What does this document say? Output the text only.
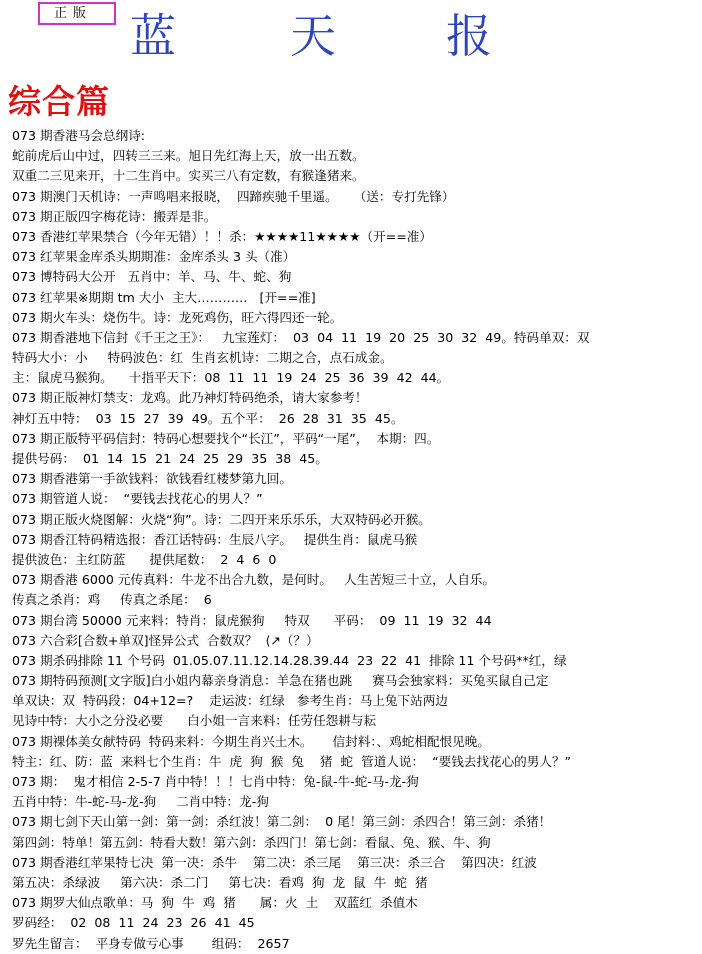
正版 蓝 天 报
综合篇
073 期香港马会总纲诗:
蛇前虎后山中过，四转三三来。旭日先红海上天，放一出五数。
双重二三见来开，十二生肖中。实买三八有定数，有猴逢猪来。
073 期澳门天机诗：一声鸣唱来报晓，  四蹄疾驰千里遥。    （送：专打先锋）
073 期正版四字梅花诗：搬弄是非。
073 香港红苹果禁合（今年无错）！！杀：★★★★11★★★★（开==准）
073 红苹果金库杀头期期准：金库杀头 3 头（准）
073 博特码大公开   五肖中：羊、马、牛、蛇、狗
073 红苹果※期期 tm 大小  主大…………   [开==准]
073 期火车头：烧伤牛。诗：龙死鸡伤，旺六得四还一轮。
073 期香港地下信封《千王之王》：   九宝莲灯：  03  04  11  19  20  25  30  32  49。特码单双：双
特码大小：小     特码波色：红  生肖玄机诗：二期之合，点石成金。
主：鼠虎马猴狗。    十指平天下：08  11  11  19  24  25  36  39  42  44。
073 期正版神灯禁支：龙鸡。此乃神灯特码绝杀，请大家参考！
神灯五中特：  03  15  27  39  49。五个平：  26  28  31  35  45。
073 期正版特平码信封：特码心想要找个“长江”，平码“一尾”，  本期：四。
提供号码：  01  14  15  21  24  25  29  35  38  45。
073 期香港第一手欲钱料：欲钱看红楼梦第九回。
073 期管道人说：  “要钱去找花心的男人？”
073 期正版火烧图解：火烧“狗”。诗：二四开来乐乐乐，大双特码必开猴。
073 期香江特码精选报：香江话特码：生辰八字。   提供生肖：鼠虎马猴
提供波色：主红防蓝      提供尾数：  2  4  6  0
073 期香港 6000 元传真料：牛龙不出合九数，是何时。   人生苦短三十立，人自乐。
传真之杀肖：鸡     传真之杀尾：  6
073 期台湾 50000 元来料：特肖：鼠虎猴狗     特双      平码：  09  11  19  32  44
073 六合彩[合数+单双]怪异公式  合数双？  ⟨↗（？）
073 期杀码排除 11 个号码  01.05.07.11.12.14.28.39.44  23  22  41  排除 11 个号码**红，绿
073 期特码预测[文字版]白小姐内幕亲身消息：羊急在猪也跳     赛马会独家料：买兔买鼠自己定
单双诀：双  特码段：04+12=?    走运波：红绿   参考生肖：马上兔下站两边
见诗中特：大小之分没必要      白小姐一言来料：任劳任怨耕与耘
073 期裸体美女献特码  特码来料：今期生肖兴土木。     信封料：、鸡蛇相配恨见晚。
特主：红、防：蓝  来料七个生肖：牛  虎  狗  猴  兔    猪  蛇  管道人说：  “要钱去找花心的男人？”
073 期：  鬼才相信 2-5-7 肖中特！！！七肖中特：兔-鼠-牛-蛇-马-龙-狗
五肖中特：牛-蛇-马-龙-狗     二肖中特：龙-狗
073 期七剑下天山第一剑：第一剑：杀红波！第二剑：  0 尾！第三剑：杀四合！第三剑：杀猪！
第四剑：特单！第五剑：特看大数！第六剑：杀四门！第七剑：看鼠、兔、猴、牛、狗
073 期香港红苹果特七决  第一决：杀牛    第二决：杀三尾    第三决：杀三合    第四决：红波
第五决：杀绿波     第六决：杀二门     第七决：看鸡  狗  龙  鼠  牛  蛇  猪
073 期罗大仙点歌单：马  狗  牛  鸡  猪      属：火  土    双蓝红  杀值木
罗码经：  02  08  11  24  23  26  41  45
罗先生留言：  平身专做亏心事       组码：  2657
